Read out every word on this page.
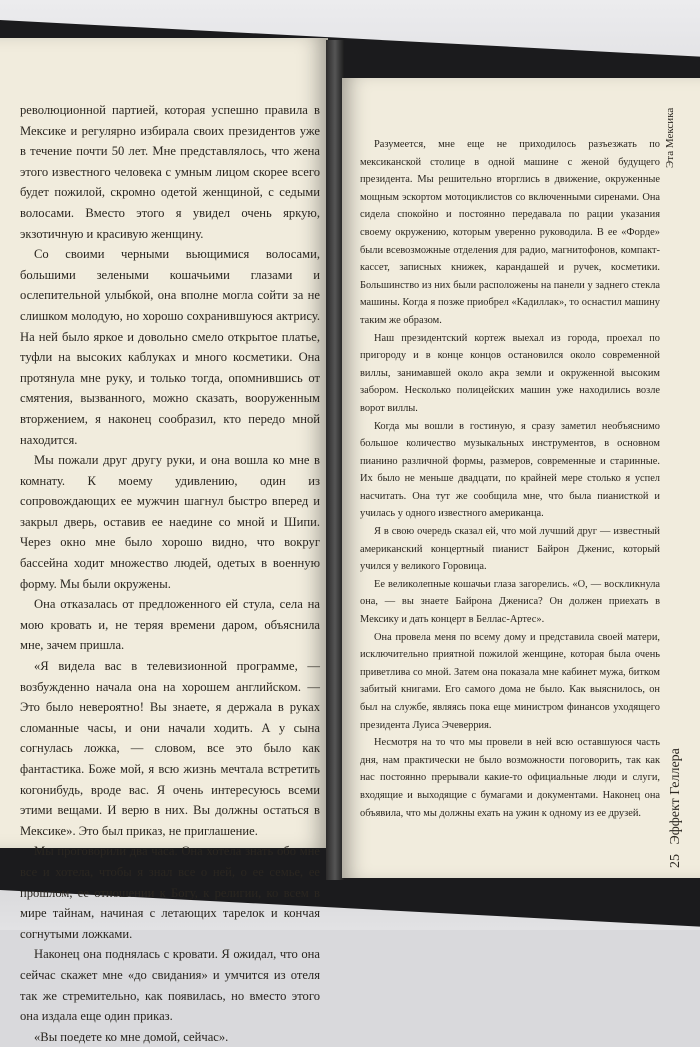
революционной партией, которая успешно правила в Мексике и регулярно избирала своих президентов уже в течение почти 50 лет. Мне представлялось, что жена этого известного человека с умным лицом скорее всего будет пожилой, скромно одетой женщиной, с седыми волосами. Вместо этого я увидел очень яркую, экзотичную и красивую женщину.

Со своими черными вьющимися волосами, большими зелеными кошачьими глазами и ослепительной улыбкой, она вполне могла сойти за не слишком молодую, но хорошо сохранившуюся актрису. На ней было яркое и довольно смело открытое платье, туфли на высоких каблуках и много косметики. Она протянула мне руку, и только тогда, опомнившись от смятения, вызванного, можно сказать, вооруженным вторжением, я наконец сообразил, кто передо мной находится.

Мы пожали друг другу руки, и она вошла ко мне в комнату. К моему удивлению, один из сопровождающих ее мужчин шагнул быстро вперед и закрыл дверь, оставив ее наедине со мной и Шипи. Через окно мне было хорошо видно, что вокруг бассейна ходит множество людей, одетых в военную форму. Мы были окружены.

Она отказалась от предложенного ей стула, села на мою кровать и, не теряя времени даром, объяснила мне, зачем пришла.

«Я видела вас в телевизионной программе, — возбужденно начала она на хорошем английском. — Это было невероятно! Вы знаете, я держала в руках сломанные часы, и они начали ходить. А у сына согнулась ложка, — словом, все это было как фантастика. Боже мой, я всю жизнь мечтала встретить когонибудь, вроде вас. Я очень интересуюсь всеми этими вещами. И верю в них. Вы должны остаться в Мексике». Это был приказ, не приглашение.

Мы проговорили два часа. Она хотела знать обо мне все и хотела, чтобы я знал все о ней, о ее семье, ее прошлом, ее отношении к Богу, к религии, ко всем в мире тайнам, начиная с летающих тарелок и кончая согнутыми ложками.

Наконец она поднялась с кровати. Я ожидал, что она сейчас скажет мне «до свидания» и умчится из отеля так же стремительно, как появилась, но вместо этого она издала еще один приказ.

«Вы поедете ко мне домой, сейчас».

Разумеется, мне еще не приходилось разъезжать по мексиканской столице в одной машине с женой будущего президента. Мы решительно вторглись в движение, окруженные мощным эскортом мотоциклистов со включенными сиренами. Она сидела спокойно и постоянно передавала по рации указания своему окружению, которым уверенно руководила. В ее «Форде» были всевозможные отделения для радио, магнитофонов, компакт-кассет, записных книжек, карандашей и ручек, косметики. Большинство из них были расположены на панели у заднего стекла машины. Когда я позже приобрел «Кадиллак», то оснастил машину таким же образом.

Наш президентский кортеж выехал из города, проехал по пригороду и в конце концов остановился около современной виллы, занимавшей около акра земли и окруженной высоким забором. Несколько полицейских машин уже находились возле ворот виллы.

Когда мы вошли в гостиную, я сразу заметил необъяснимо большое количество музыкальных инструментов, в основном пианино различной формы, размеров, современные и старинные. Их было не меньше двадцати, по крайней мере столько я успел насчитать. Она тут же сообщила мне, что была пианисткой и училась у одного известного американца.

Я в свою очередь сказал ей, что мой лучший друг — известный американский концертный пианист Байрон Дженис, который учился у великого Горовица.

Ее великолепные кошачьи глаза загорелись. «О, — воскликнула она, — вы знаете Байрона Джениса? Он должен приехать в Мексику и дать концерт в Беллас-Артес».

Она провела меня по всему дому и представила своей матери, исключительно приятной пожилой женщине, которая была очень приветлива со мной. Затем она показала мне кабинет мужа, битком забитый книгами. Его самого дома не было. Как выяснилось, он был на службе, являясь пока еще министром финансов уходящего президента Луиса Эчеверрия.

Несмотря на то что мы провели в ней всю оставшуюся часть дня, нам практически не было возможности поговорить, так как нас постоянно прерывали какие-то официальные люди и слуги, входящие и выходящие с бумагами и документами. Наконец она объявила, что мы должны ехать на ужин к одному из ее друзей.

25 Эффект Геллера
Эта Мексика
